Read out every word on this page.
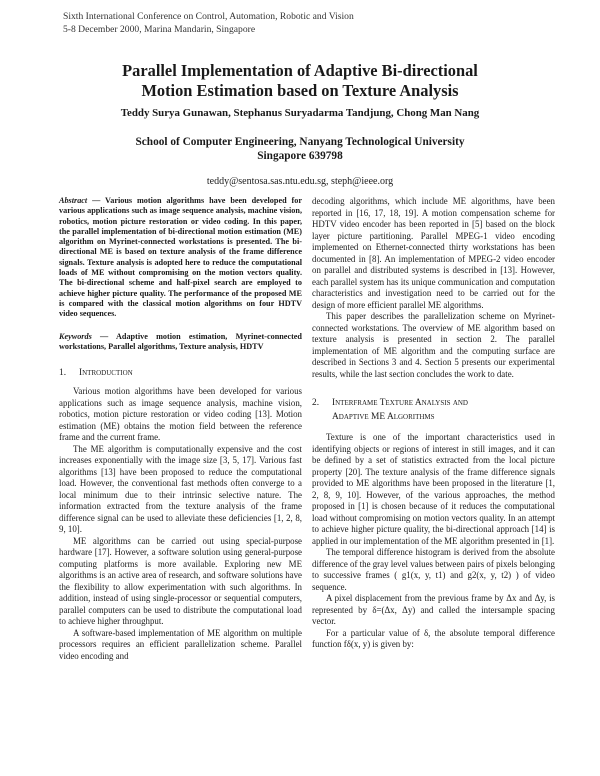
Sixth International Conference on Control, Automation, Robotic and Vision
5-8 December 2000, Marina Mandarin, Singapore
Parallel Implementation of Adaptive Bi-directional
Motion Estimation based on Texture Analysis
Teddy Surya Gunawan, Stephanus Suryadarma Tandjung, Chong Man Nang
School of Computer Engineering, Nanyang Technological University
Singapore 639798
teddy@sentosa.sas.ntu.edu.sg, steph@ieee.org

Abstract — Various motion algorithms have been developed for various applications such as image sequence analysis, machine vision, robotics, motion picture restoration or video coding. In this paper, the parallel implementation of bi-directional motion estimation (ME) algorithm on Myrinet-connected workstations is presented. The bi-directional ME is based on texture analysis of the frame difference signals. Texture analysis is adopted here to reduce the computational loads of ME without compromising on the motion vectors quality. The bi-directional scheme and half-pixel search are employed to achieve higher picture quality. The performance of the proposed ME is compared with the classical motion algorithms on four HDTV video sequences.

Keywords — Adaptive motion estimation, Myrinet-connected workstations, Parallel algorithms, Texture analysis, HDTV

1. Introduction

Various motion algorithms have been developed for various applications such as image sequence analysis, machine vision, robotics, motion picture restoration or video coding [13]. Motion estimation (ME) obtains the motion field between the reference frame and the current frame.

The ME algorithm is computationally expensive and the cost increases exponentially with the image size [3, 5, 17]. Various fast algorithms [13] have been proposed to reduce the computational load. However, the conventional fast methods often converge to a local minimum due to their intrinsic selective nature. The information extracted from the texture analysis of the frame difference signal can be used to alleviate these deficiencies [1, 2, 8, 9, 10].

ME algorithms can be carried out using special-purpose hardware [17]. However, a software solution using general-purpose computing platforms is more available. Exploring new ME algorithms is an active area of research, and software solutions have the flexibility to allow experimentation with such algorithms. In addition, instead of using single-processor or sequential computers, parallel computers can be used to distribute the computational load to achieve higher throughput.

A software-based implementation of ME algorithm on multiple processors requires an efficient parallelization scheme. Parallel video encoding and

decoding algorithms, which include ME algorithms, have been reported in [16, 17, 18, 19]. A motion compensation scheme for HDTV video encoder has been reported in [5] based on the block layer picture partitioning. Parallel MPEG-1 video encoding implemented on Ethernet-connected thirty workstations has been documented in [8]. An implementation of MPEG-2 video encoder on parallel and distributed systems is described in [13]. However, each parallel system has its unique communication and computation characteristics and investigation need to be carried out for the design of more efficient parallel ME algorithms.

This paper describes the parallelization scheme on Myrinet-connected workstations. The overview of ME algorithm based on texture analysis is presented in section 2. The parallel implementation of ME algorithm and the computing surface are described in Sections 3 and 4. Section 5 presents our experimental results, while the last section concludes the work to date.

2. Interframe Texture Analysis and
Adaptive ME Algorithms

Texture is one of the important characteristics used in identifying objects or regions of interest in still images, and it can be defined by a set of statistics extracted from the local picture property [20]. The texture analysis of the frame difference signals provided to ME algorithms have been proposed in the literature [1, 2, 8, 9, 10]. However, of the various approaches, the method proposed in [1] is chosen because of it reduces the computational load without compromising on motion vectors quality. In an attempt to achieve higher picture quality, the bi-directional approach [14] is applied in our implementation of the ME algorithm presented in [1].

The temporal difference histogram is derived from the absolute difference of the gray level values between pairs of pixels belonging to successive frames ( g1(x, y, t1) and g2(x, y, t2) ) of video sequence.

A pixel displacement from the previous frame by Δx and Δy, is represented by δ=(Δx, Δy) and called the intersample spacing vector.

For a particular value of δ, the absolute temporal difference function fδ(x, y) is given by:
